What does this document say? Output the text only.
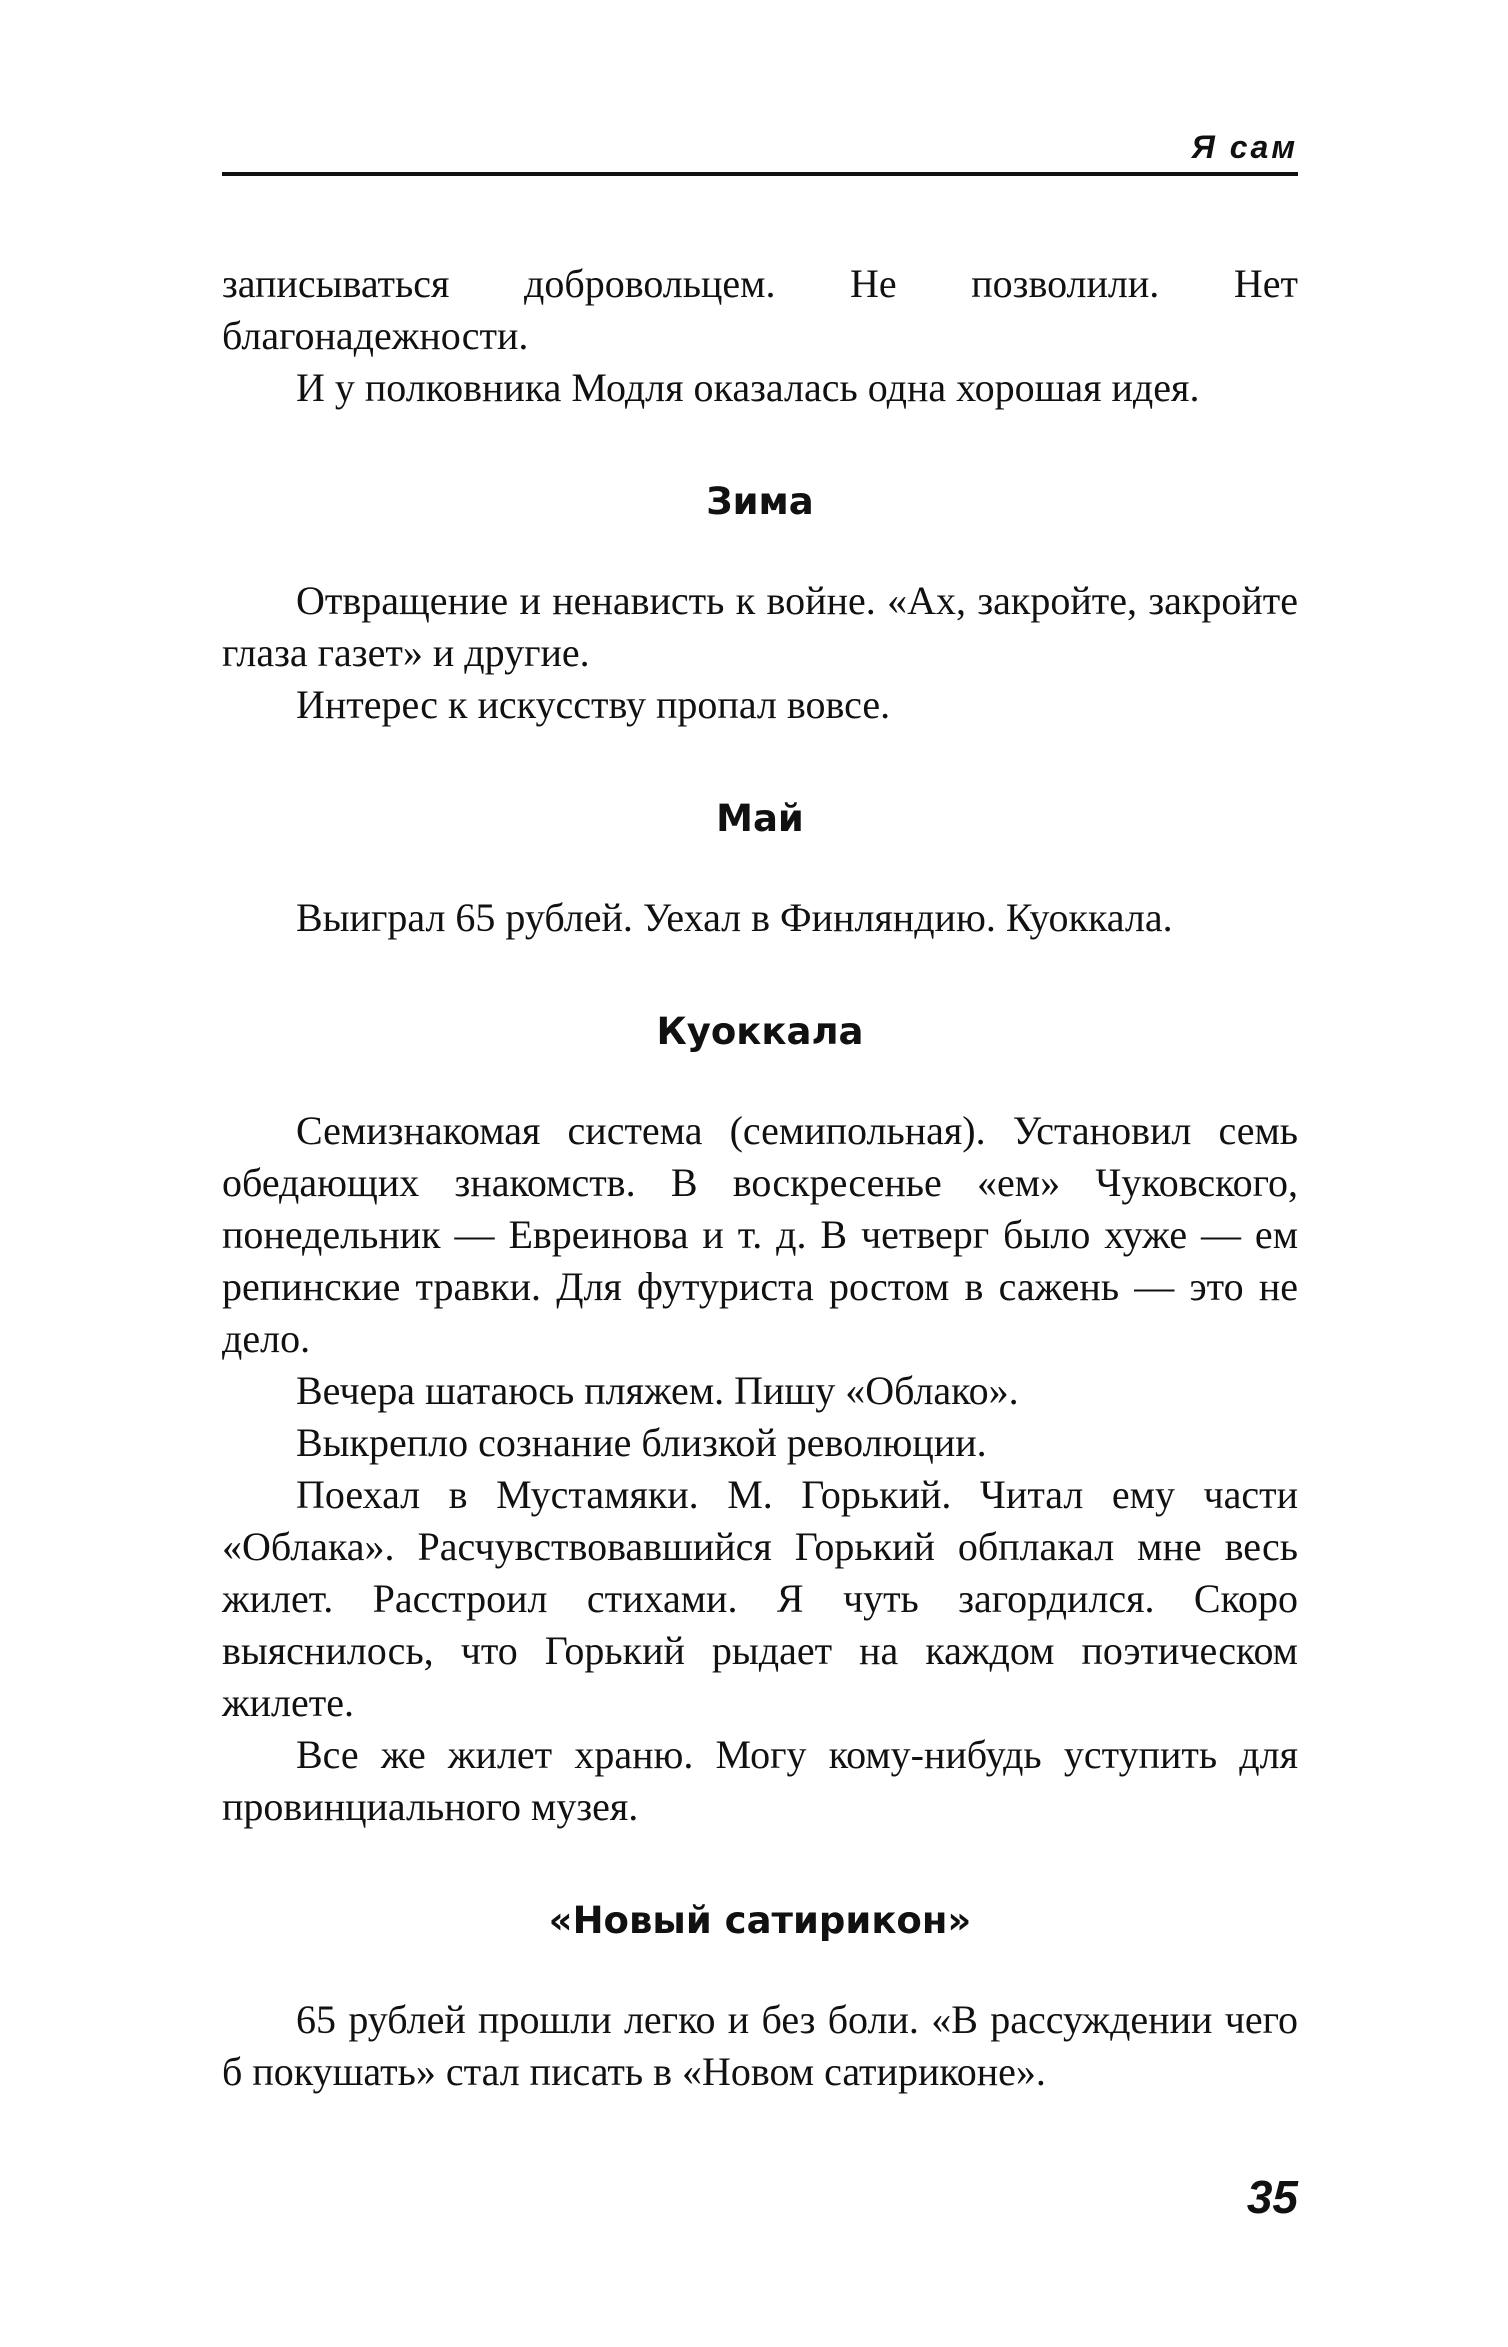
Я сам

записываться добровольцем. Не позволили. Нет благонадежности.

И у полковника Модля оказалась одна хорошая идея.

Зима

Отвращение и ненависть к войне. «Ах, закройте, закройте глаза газет» и другие.

Интерес к искусству пропал вовсе.

Май

Выиграл 65 рублей. Уехал в Финляндию. Куоккала.

Куоккала

Семизнакомая система (семипольная). Установил семь обедающих знакомств. В воскресенье «ем» Чуковского, понедельник — Евреинова и т. д. В четверг было хуже — ем репинские травки. Для футуриста ростом в сажень — это не дело.

Вечера шатаюсь пляжем. Пишу «Облако».

Выкрепло сознание близкой революции.

Поехал в Мустамяки. М. Горький. Читал ему части «Облака». Расчувствовавшийся Горький обплакал мне весь жилет. Расстроил стихами. Я чуть загордился. Скоро выяснилось, что Горький рыдает на каждом поэтическом жилете.

Все же жилет храню. Могу кому-нибудь уступить для провинциального музея.

«Новый сатирикон»

65 рублей прошли легко и без боли. «В рассуждении чего б покушать» стал писать в «Новом сатириконе».

35
